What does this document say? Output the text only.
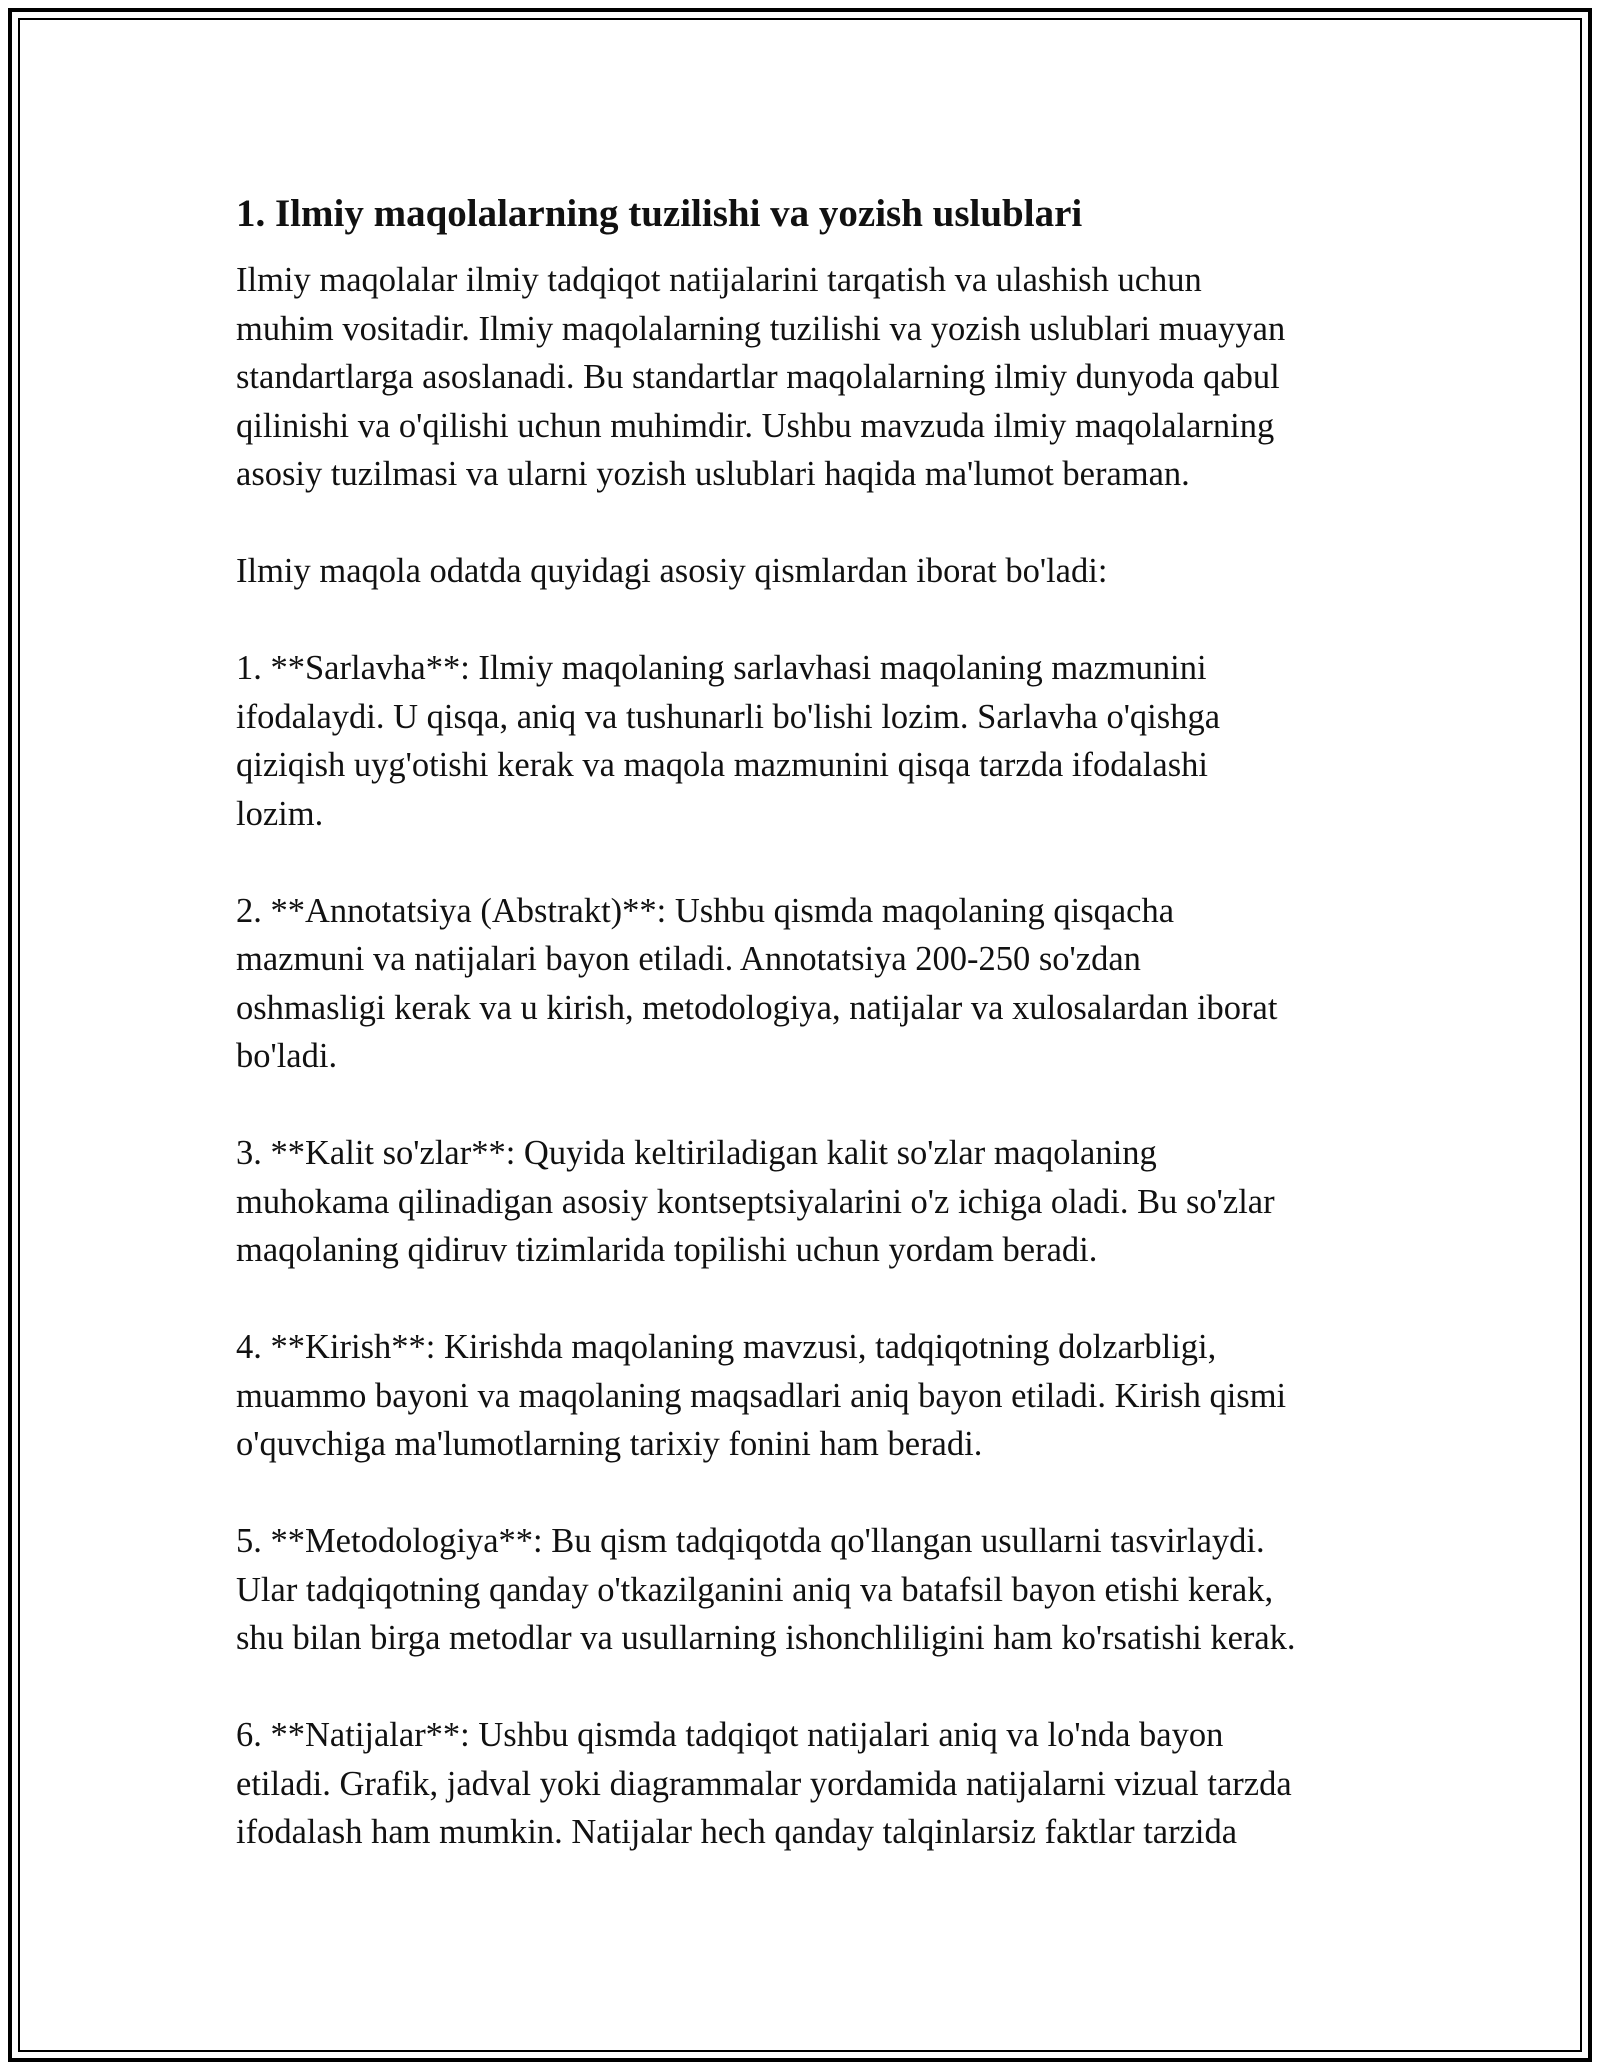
1. Ilmiy maqolalarning tuzilishi va yozish uslublari

Ilmiy maqolalar ilmiy tadqiqot natijalarini tarqatish va ulashish uchun
muhim vositadir. Ilmiy maqolalarning tuzilishi va yozish uslublari muayyan
standartlarga asoslanadi. Bu standartlar maqolalarning ilmiy dunyoda qabul
qilinishi va o'qilishi uchun muhimdir. Ushbu mavzuda ilmiy maqolalarning
asosiy tuzilmasi va ularni yozish uslublari haqida ma'lumot beraman.

Ilmiy maqola odatda quyidagi asosiy qismlardan iborat bo'ladi:

1. **Sarlavha**: Ilmiy maqolaning sarlavhasi maqolaning mazmunini
ifodalaydi. U qisqa, aniq va tushunarli bo'lishi lozim. Sarlavha o'qishga
qiziqish uyg'otishi kerak va maqola mazmunini qisqa tarzda ifodalashi
lozim.

2. **Annotatsiya (Abstrakt)**: Ushbu qismda maqolaning qisqacha
mazmuni va natijalari bayon etiladi. Annotatsiya 200-250 so'zdan
oshmasligi kerak va u kirish, metodologiya, natijalar va xulosalardan iborat
bo'ladi.

3. **Kalit so'zlar**: Quyida keltiriladigan kalit so'zlar maqolaning
muhokama qilinadigan asosiy kontseptsiyalarini o'z ichiga oladi. Bu so'zlar
maqolaning qidiruv tizimlarida topilishi uchun yordam beradi.

4. **Kirish**: Kirishda maqolaning mavzusi, tadqiqotning dolzarbligi,
muammo bayoni va maqolaning maqsadlari aniq bayon etiladi. Kirish qismi
o'quvchiga ma'lumotlarning tarixiy fonini ham beradi.

5. **Metodologiya**: Bu qism tadqiqotda qo'llangan usullarni tasvirlaydi.
Ular tadqiqotning qanday o'tkazilganini aniq va batafsil bayon etishi kerak,
shu bilan birga metodlar va usullarning ishonchliligini ham ko'rsatishi kerak.

6. **Natijalar**: Ushbu qismda tadqiqot natijalari aniq va lo'nda bayon
etiladi. Grafik, jadval yoki diagrammalar yordamida natijalarni vizual tarzda
ifodalash ham mumkin. Natijalar hech qanday talqinlarsiz faktlar tarzida
